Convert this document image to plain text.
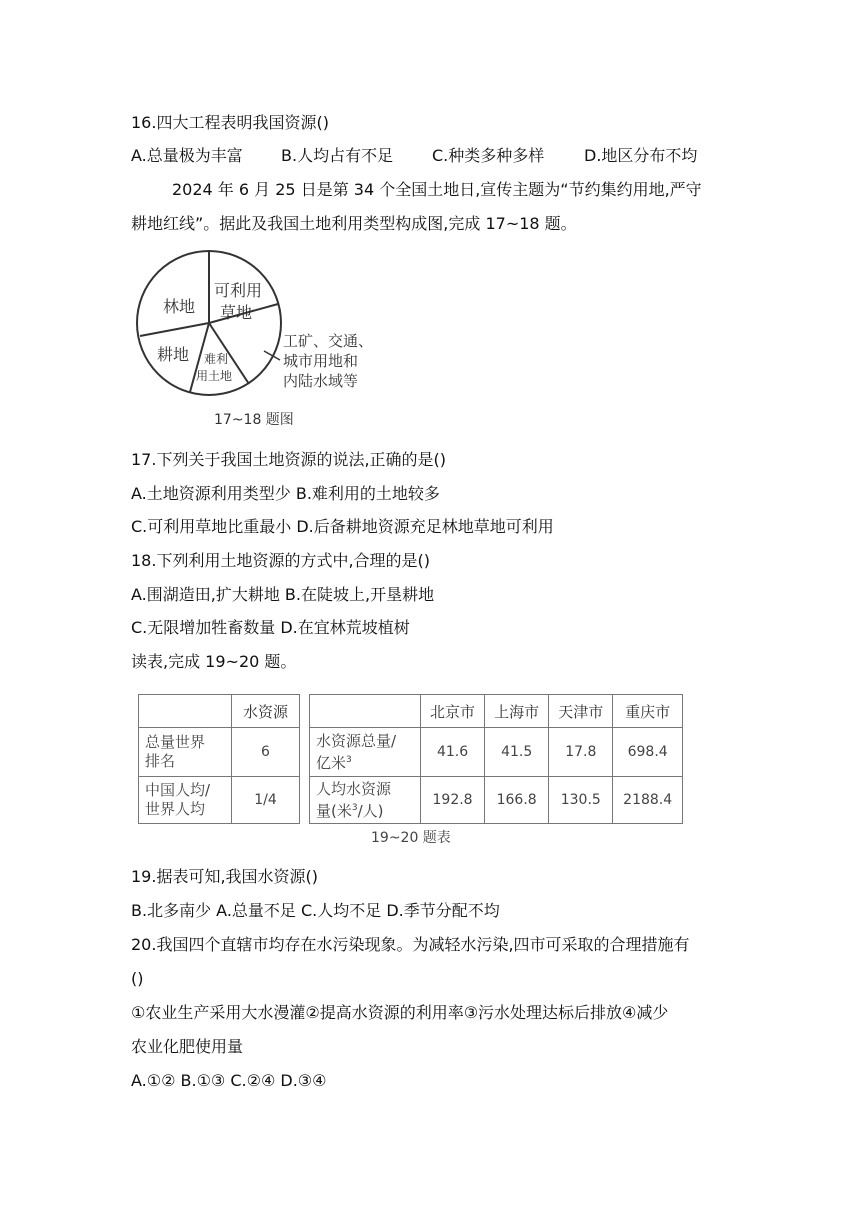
16.四大工程表明我国资源()
A.总量极为丰富 B.人均占有不足 C.种类多种多样 D.地区分布不均
2024 年 6 月 25 日是第 34 个全国土地日,宣传主题为“节约集约用地,严守
耕地红线”。据此及我国土地利用类型构成图,完成 17~18 题。
林地
可利用
草地
耕地 难利
用土地
工矿、交通、
城市用地和
内陆水域等
17~18 题图
17.下列关于我国土地资源的说法,正确的是()
A.土地资源利用类型少 B.难利用的土地较多
C.可利用草地比重最小 D.后备耕地资源充足林地草地可利用
18.下列利用土地资源的方式中,合理的是()
A.围湖造田,扩大耕地 B.在陡坡上,开垦耕地
C.无限增加牲畜数量 D.在宜林荒坡植树
读表,完成 19~20 题。
	水资源

总量世界
排名	6

中国人均/
世界人均	1/4
	北京市	上海市	天津市	重庆市

水资源总量/
亿米$^3$	41.6	41.5	17.8	698.4

人均水资源
量(米$^3$/人)	192.8	166.8	130.5	2188.4
19~20 题表
19.据表可知,我国水资源()
B.北多南少 A.总量不足 C.人均不足 D.季节分配不均
20.我国四个直辖市均存在水污染现象。为减轻水污染,四市可采取的合理措施有
()
①农业生产采用大水漫灌②提高水资源的利用率③污水处理达标后排放④减少
农业化肥使用量
A.①② B.①③ C.②④ D.③④
